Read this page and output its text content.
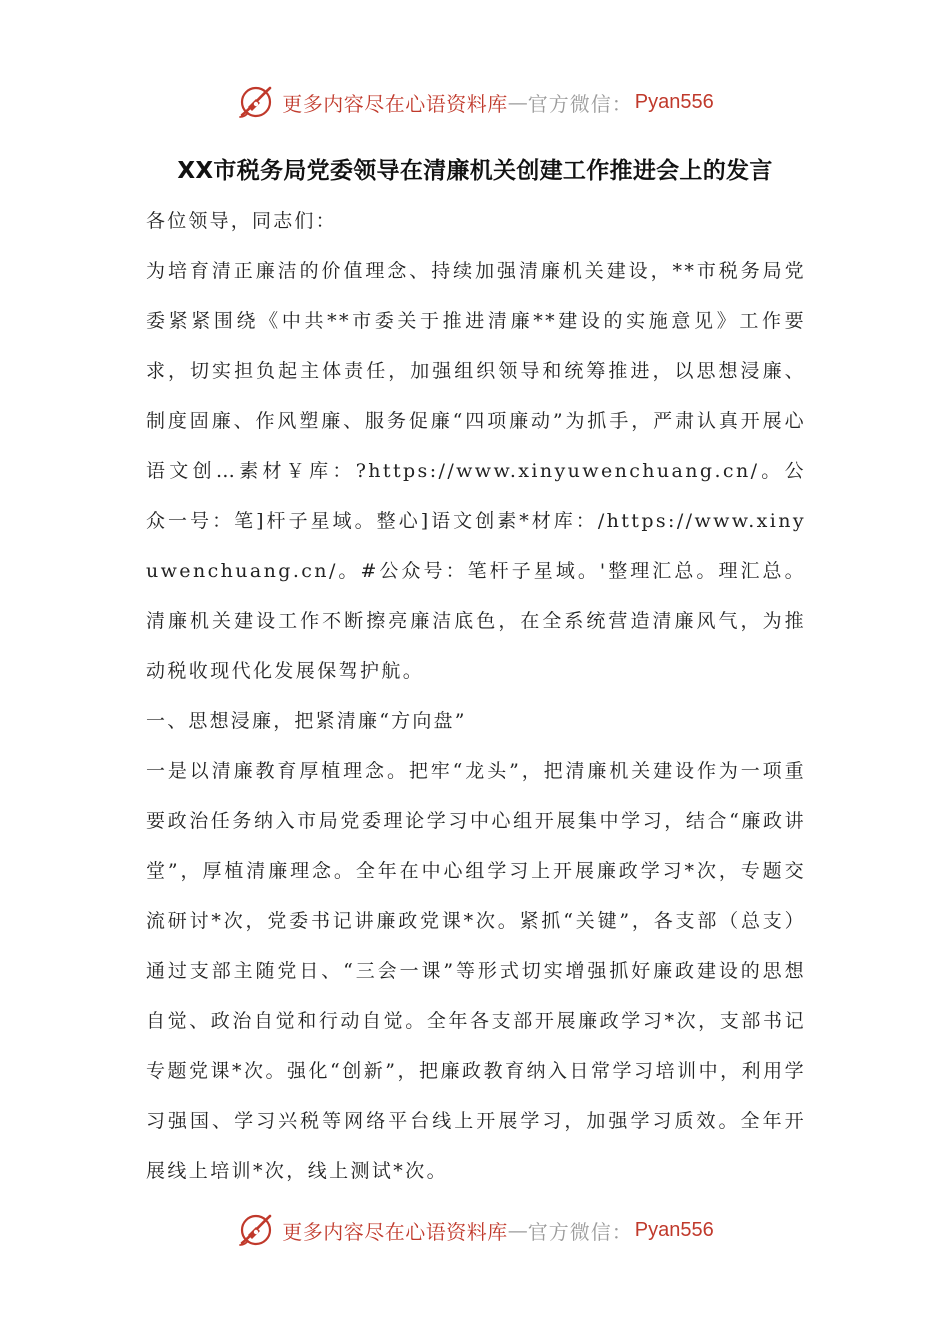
更多内容尽在心语资料库 — 官方微信： Pyan556
XX市税务局党委领导在清廉机关创建工作推进会上的发言

各位领导，同志们：

为培育清正廉洁的价值理念、持续加强清廉机关建设，**市税务局党委紧紧围绕《中共**市委关于推进清廉**建设的实施意见》工作要求，切实担负起主体责任，加强组织领导和统筹推进，以思想浸廉、制度固廉、作风塑廉、服务促廉“四项廉动”为抓手，严肃认真开展心语文创…素材￥库：?https://www.xinyuwenchuang.cn/。公众一号：笔]杆子星域。整心]语文创素*材库：/https://www.xinyuwenchuang.cn/。#公众号：笔杆子星域。'整理汇总。理汇总。清廉机关建设工作不断擦亮廉洁底色，在全系统营造清廉风气，为推动税收现代化发展保驾护航。

一、思想浸廉，把紧清廉“方向盘”

一是以清廉教育厚植理念。把牢“龙头”，把清廉机关建设作为一项重要政治任务纳入市局党委理论学习中心组开展集中学习，结合“廉政讲堂”，厚植清廉理念。全年在中心组学习上开展廉政学习*次，专题交流研讨*次，党委书记讲廉政党课*次。紧抓“关键”，各支部（总支）通过支部主随党日、“三会一课”等形式切实增强抓好廉政建设的思想自觉、政治自觉和行动自觉。全年各支部开展廉政学习*次，支部书记专题党课*次。强化“创新”，把廉政教育纳入日常学习培训中，利用学习强国、学习兴税等网络平台线上开展学习，加强学习质效。全年开展线上培训*次，线上测试*次。

更多内容尽在心语资料库 — 官方微信： Pyan556
